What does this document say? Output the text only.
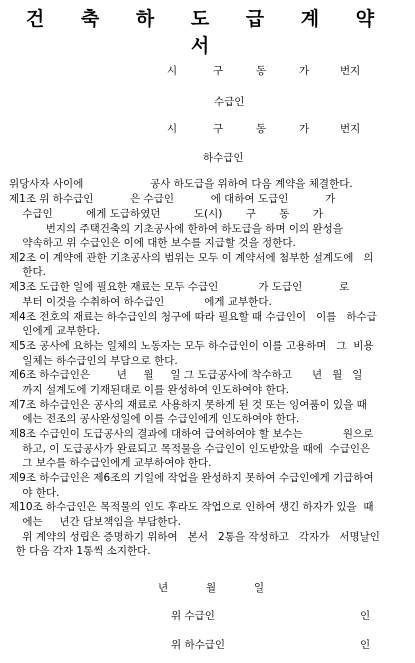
건 축 하 도 급 계 약 서
시	구	동	가	번지
수급인
시	구	동	가	번지
하수급인
위당사자 사이에                    공사 하도급을 위하여 다음 계약을 체결한다.
제1조 위 하수급인           은 수급인           에 대하여 도급인           가
수급인          에게 도급하였던          도(시)       구       동       가
번지의 주택건축의 기초공사에 한하여 하도급을 하며 이의 완성을
약속하고 위 수급인은 이에 대한 보수를 지급할 것을 정한다.
제2조 이 계약에 관한 기초공사의 범위는 모두 이 계약서에 첨부한 설계도에   의
한다.
제3조 도급한 일에 필요한 재료는 모두 수급인            가 도급인           로
부터 이것을 수취하여 하수급인            에게 교부한다.
제4조 전호의 재료는 하수급인의 청구에 따라 필요할 때 수급인이   이를   하수급
인에게 교부한다.
제5조 공사에 요하는 일체의 노동자는 모두 하수급인이 이를 고용하며   그  비용
일체는 하수급인의 부담으로 한다.
제6조 하수급인은        년     월     일 그 도급공사에 착수하고      년   월   일
까지 설계도에 기재된대로 이를 완성하여 인도하여야 한다.
제7조 하수급인은 공사의 재료로 사용하지 못하게 된 것 또는 잉여품이 있을 때
에는 전조의 공사완성일에 이를 수급인에게 인도하여야 한다.
제8조 수급인이 도급공사의 결과에 대하여 급여하여야 할 보수는            원으로
하고, 이 도급공사가 완료되고 목적물을 수급인이 인도받았을 때에  수급인은
그 보수를 하수급인에게 교부하여야 한다.
제9조 하수급인은 제6조의 기일에 작업을 완성하지 못하여 수급인에게 기급하여
야 한다.
제10조 하수급인은 목적물의 인도 후라도 작업으로 인하여 생긴 하자가 있을  때
에는     년간 담보책임을 부담한다.
위 계약의 성립은 증명하기 위하여   본서   2통을 작성하고   각자가   서명날인
한 다음 각자 1통씩 소지한다.
년	월	일
위 수급인	인
위 하수급인	인
